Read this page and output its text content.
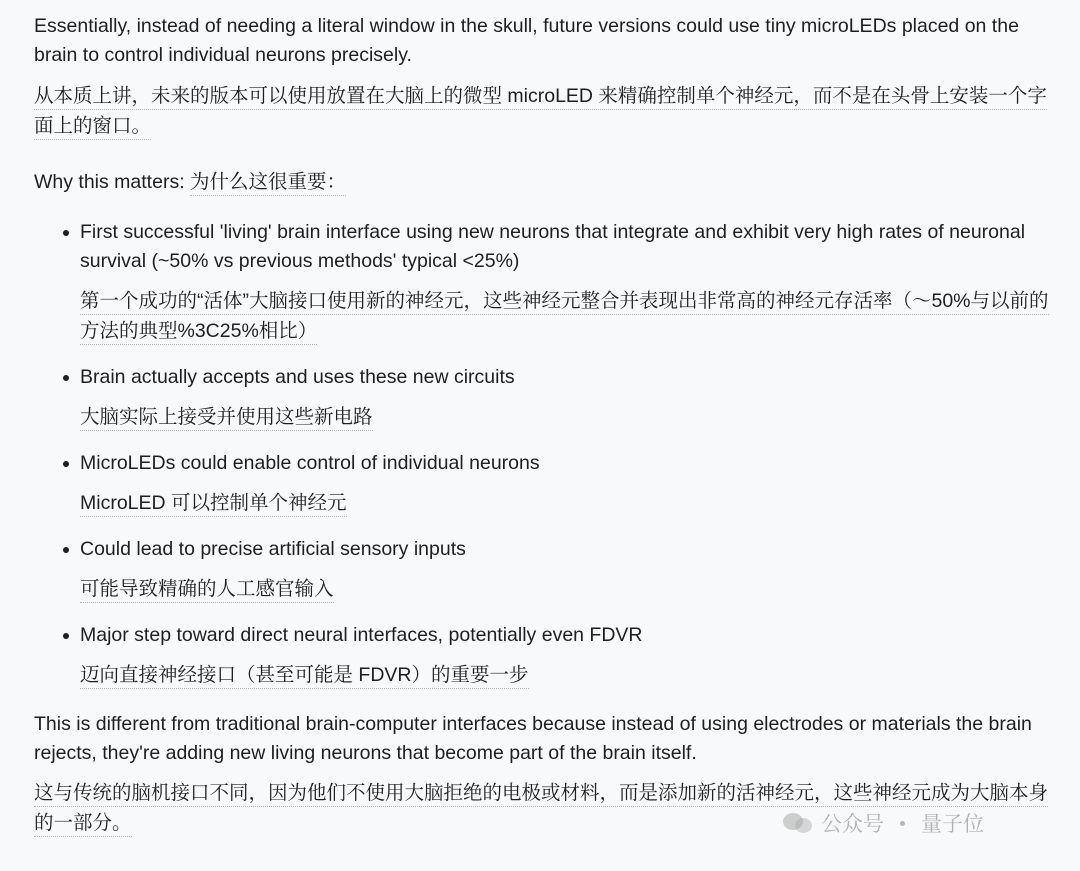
Essentially, instead of needing a literal window in the skull, future versions could use tiny microLEDs placed on the brain to control individual neurons precisely.

从本质上讲，未来的版本可以使用放置在大脑上的微型 microLED 来精确控制单个神经元，而不是在头骨上安装一个字面上的窗口。

Why this matters: 为什么这很重要：

First successful 'living' brain interface using new neurons that integrate and exhibit very high rates of neuronal survival (~50% vs previous methods' typical <25%)

第一个成功的“活体”大脑接口使用新的神经元，这些神经元整合并表现出非常高的神经元存活率（～50%与以前的方法的典型%3C25%相比）

Brain actually accepts and uses these new circuits

大脑实际上接受并使用这些新电路

MicroLEDs could enable control of individual neurons

MicroLED 可以控制单个神经元

Could lead to precise artificial sensory inputs

可能导致精确的人工感官输入

Major step toward direct neural interfaces, potentially even FDVR

迈向直接神经接口（甚至可能是 FDVR）的重要一步

This is different from traditional brain-computer interfaces because instead of using electrodes or materials the brain rejects, they're adding new living neurons that become part of the brain itself.

这与传统的脑机接口不同，因为他们不使用大脑拒绝的电极或材料，而是添加新的活神经元，这些神经元成为大脑本身的一部分。	公众号 量子位
